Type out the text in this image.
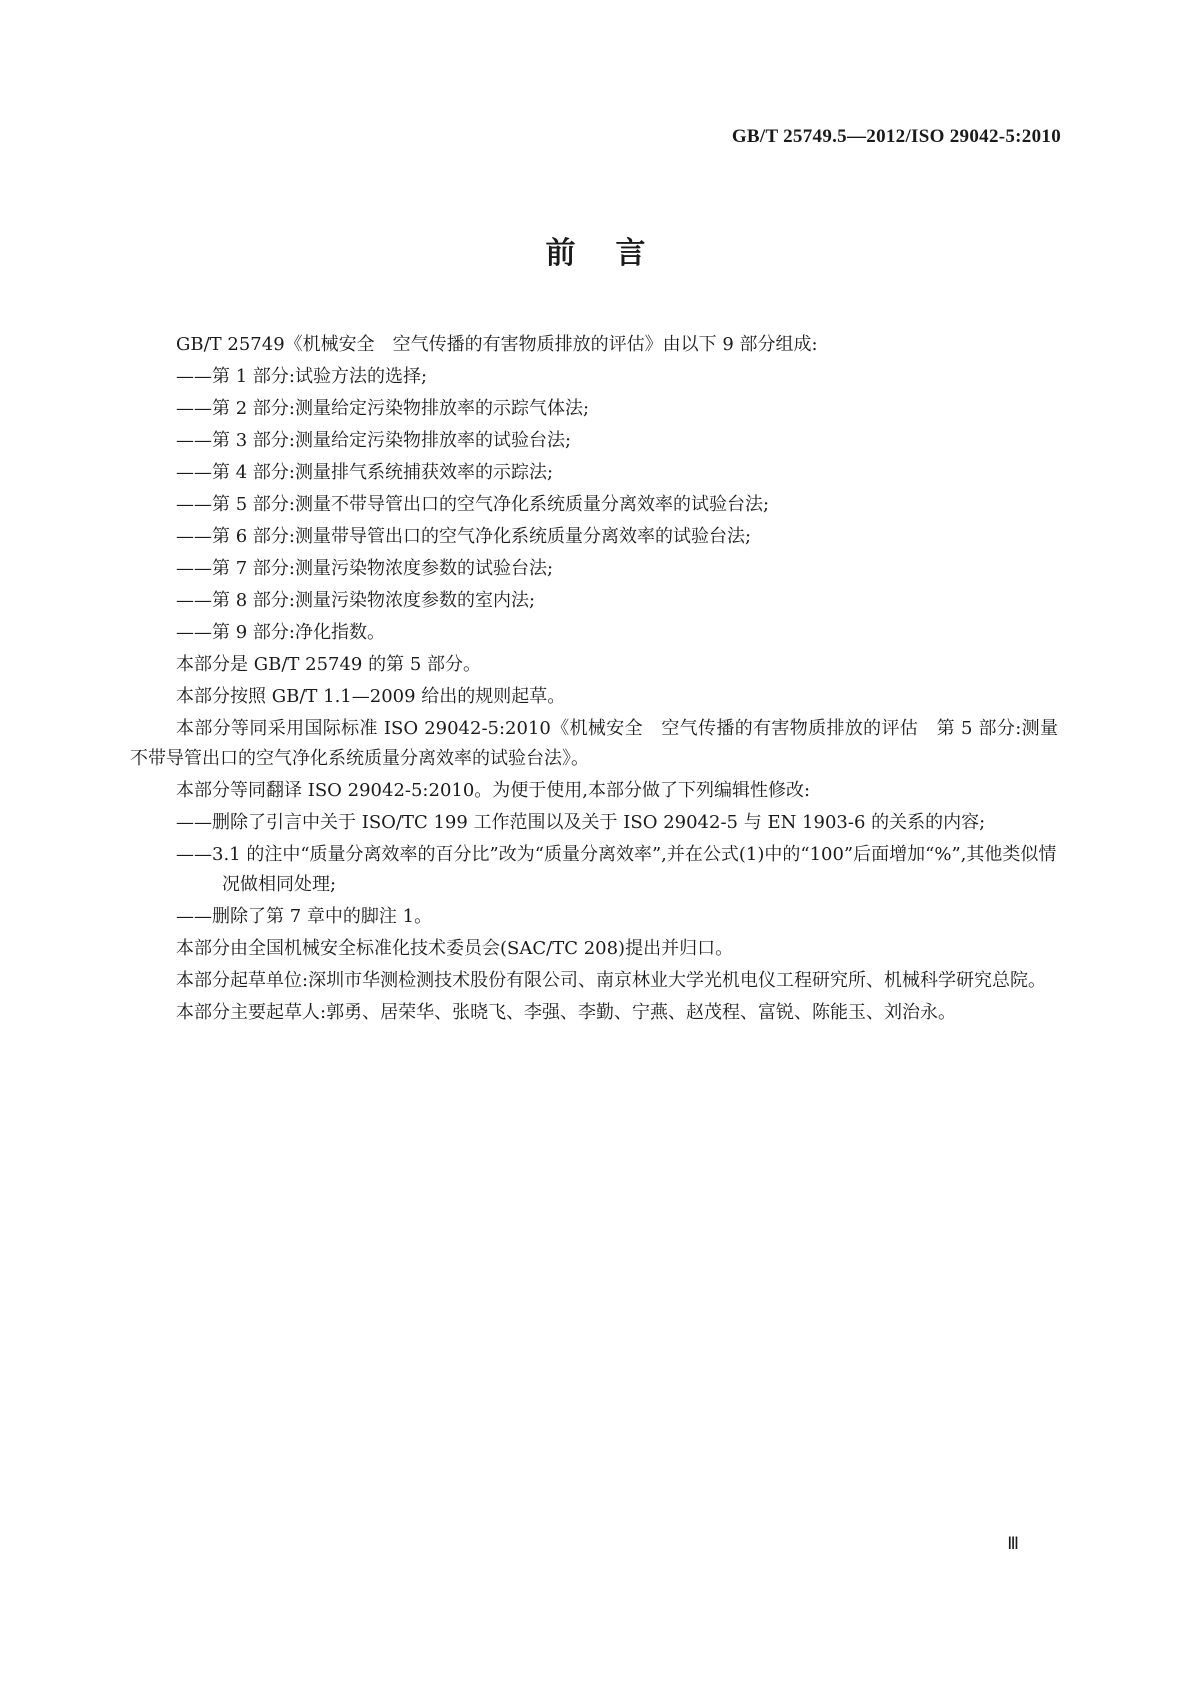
GB/T 25749.5—2012/ISO 29042-5:2010
前言

GB/T 25749《机械安全　空气传播的有害物质排放的评估》由以下 9 部分组成:

——第 1 部分:试验方法的选择;

——第 2 部分:测量给定污染物排放率的示踪气体法;

——第 3 部分:测量给定污染物排放率的试验台法;

——第 4 部分:测量排气系统捕获效率的示踪法;

——第 5 部分:测量不带导管出口的空气净化系统质量分离效率的试验台法;

——第 6 部分:测量带导管出口的空气净化系统质量分离效率的试验台法;

——第 7 部分:测量污染物浓度参数的试验台法;

——第 8 部分:测量污染物浓度参数的室内法;

——第 9 部分:净化指数。

本部分是 GB/T 25749 的第 5 部分。

本部分按照 GB/T 1.1—2009 给出的规则起草。

本部分等同采用国际标准 ISO 29042-5:2010《机械安全　空气传播的有害物质排放的评估　第 5 部分:测量不带导管出口的空气净化系统质量分离效率的试验台法》。

本部分等同翻译 ISO 29042-5:2010。为便于使用,本部分做了下列编辑性修改:

——删除了引言中关于 ISO/TC 199 工作范围以及关于 ISO 29042-5 与 EN 1903-6 的关系的内容;

——3.1 的注中“质量分离效率的百分比”改为“质量分离效率”,并在公式(1)中的“100”后面增加“%”,其他类似情况做相同处理;

——删除了第 7 章中的脚注 1。

本部分由全国机械安全标准化技术委员会(SAC/TC 208)提出并归口。

本部分起草单位:深圳市华测检测技术股份有限公司、南京林业大学光机电仪工程研究所、机械科学研究总院。

本部分主要起草人:郭勇、居荣华、张晓飞、李强、李勤、宁燕、赵茂程、富锐、陈能玉、刘治永。

Ⅲ
